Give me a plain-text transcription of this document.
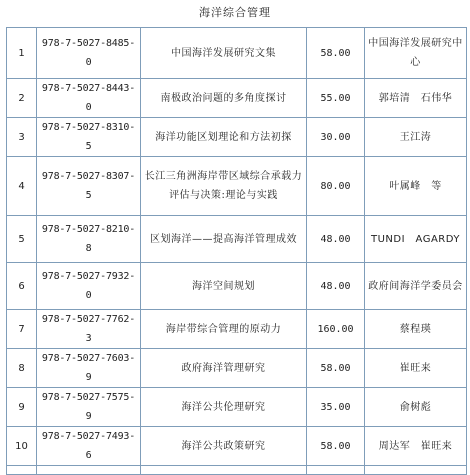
海洋综合管理
1	978-7-5027-8485-0	中国海洋发展研究文集	58.00	中国海洋发展研究中心
2	978-7-5027-8443-0	南极政治问题的多角度探讨	55.00	郭培清　石伟华
3	978-7-5027-8310-5	海洋功能区划理论和方法初探	30.00	王江涛
4	978-7-5027-8307-5	长江三角洲海岸带区域综合承载力评估与决策:理论与实践	80.00	叶属峰　等
5	978-7-5027-8210-8	区划海洋——提高海洋管理成效	48.00	TUNDI　AGARDY
6	978-7-5027-7932-0	海洋空间规划	48.00	政府间海洋学委员会
7	978-7-5027-7762-3	海岸带综合管理的原动力	160.00	蔡程瑛
8	978-7-5027-7603-9	政府海洋管理研究	58.00	崔旺来
9	978-7-5027-7575-9	海洋公共伦理研究	35.00	俞树彪
10	978-7-5027-7493-6	海洋公共政策研究	58.00	周达军　崔旺来
